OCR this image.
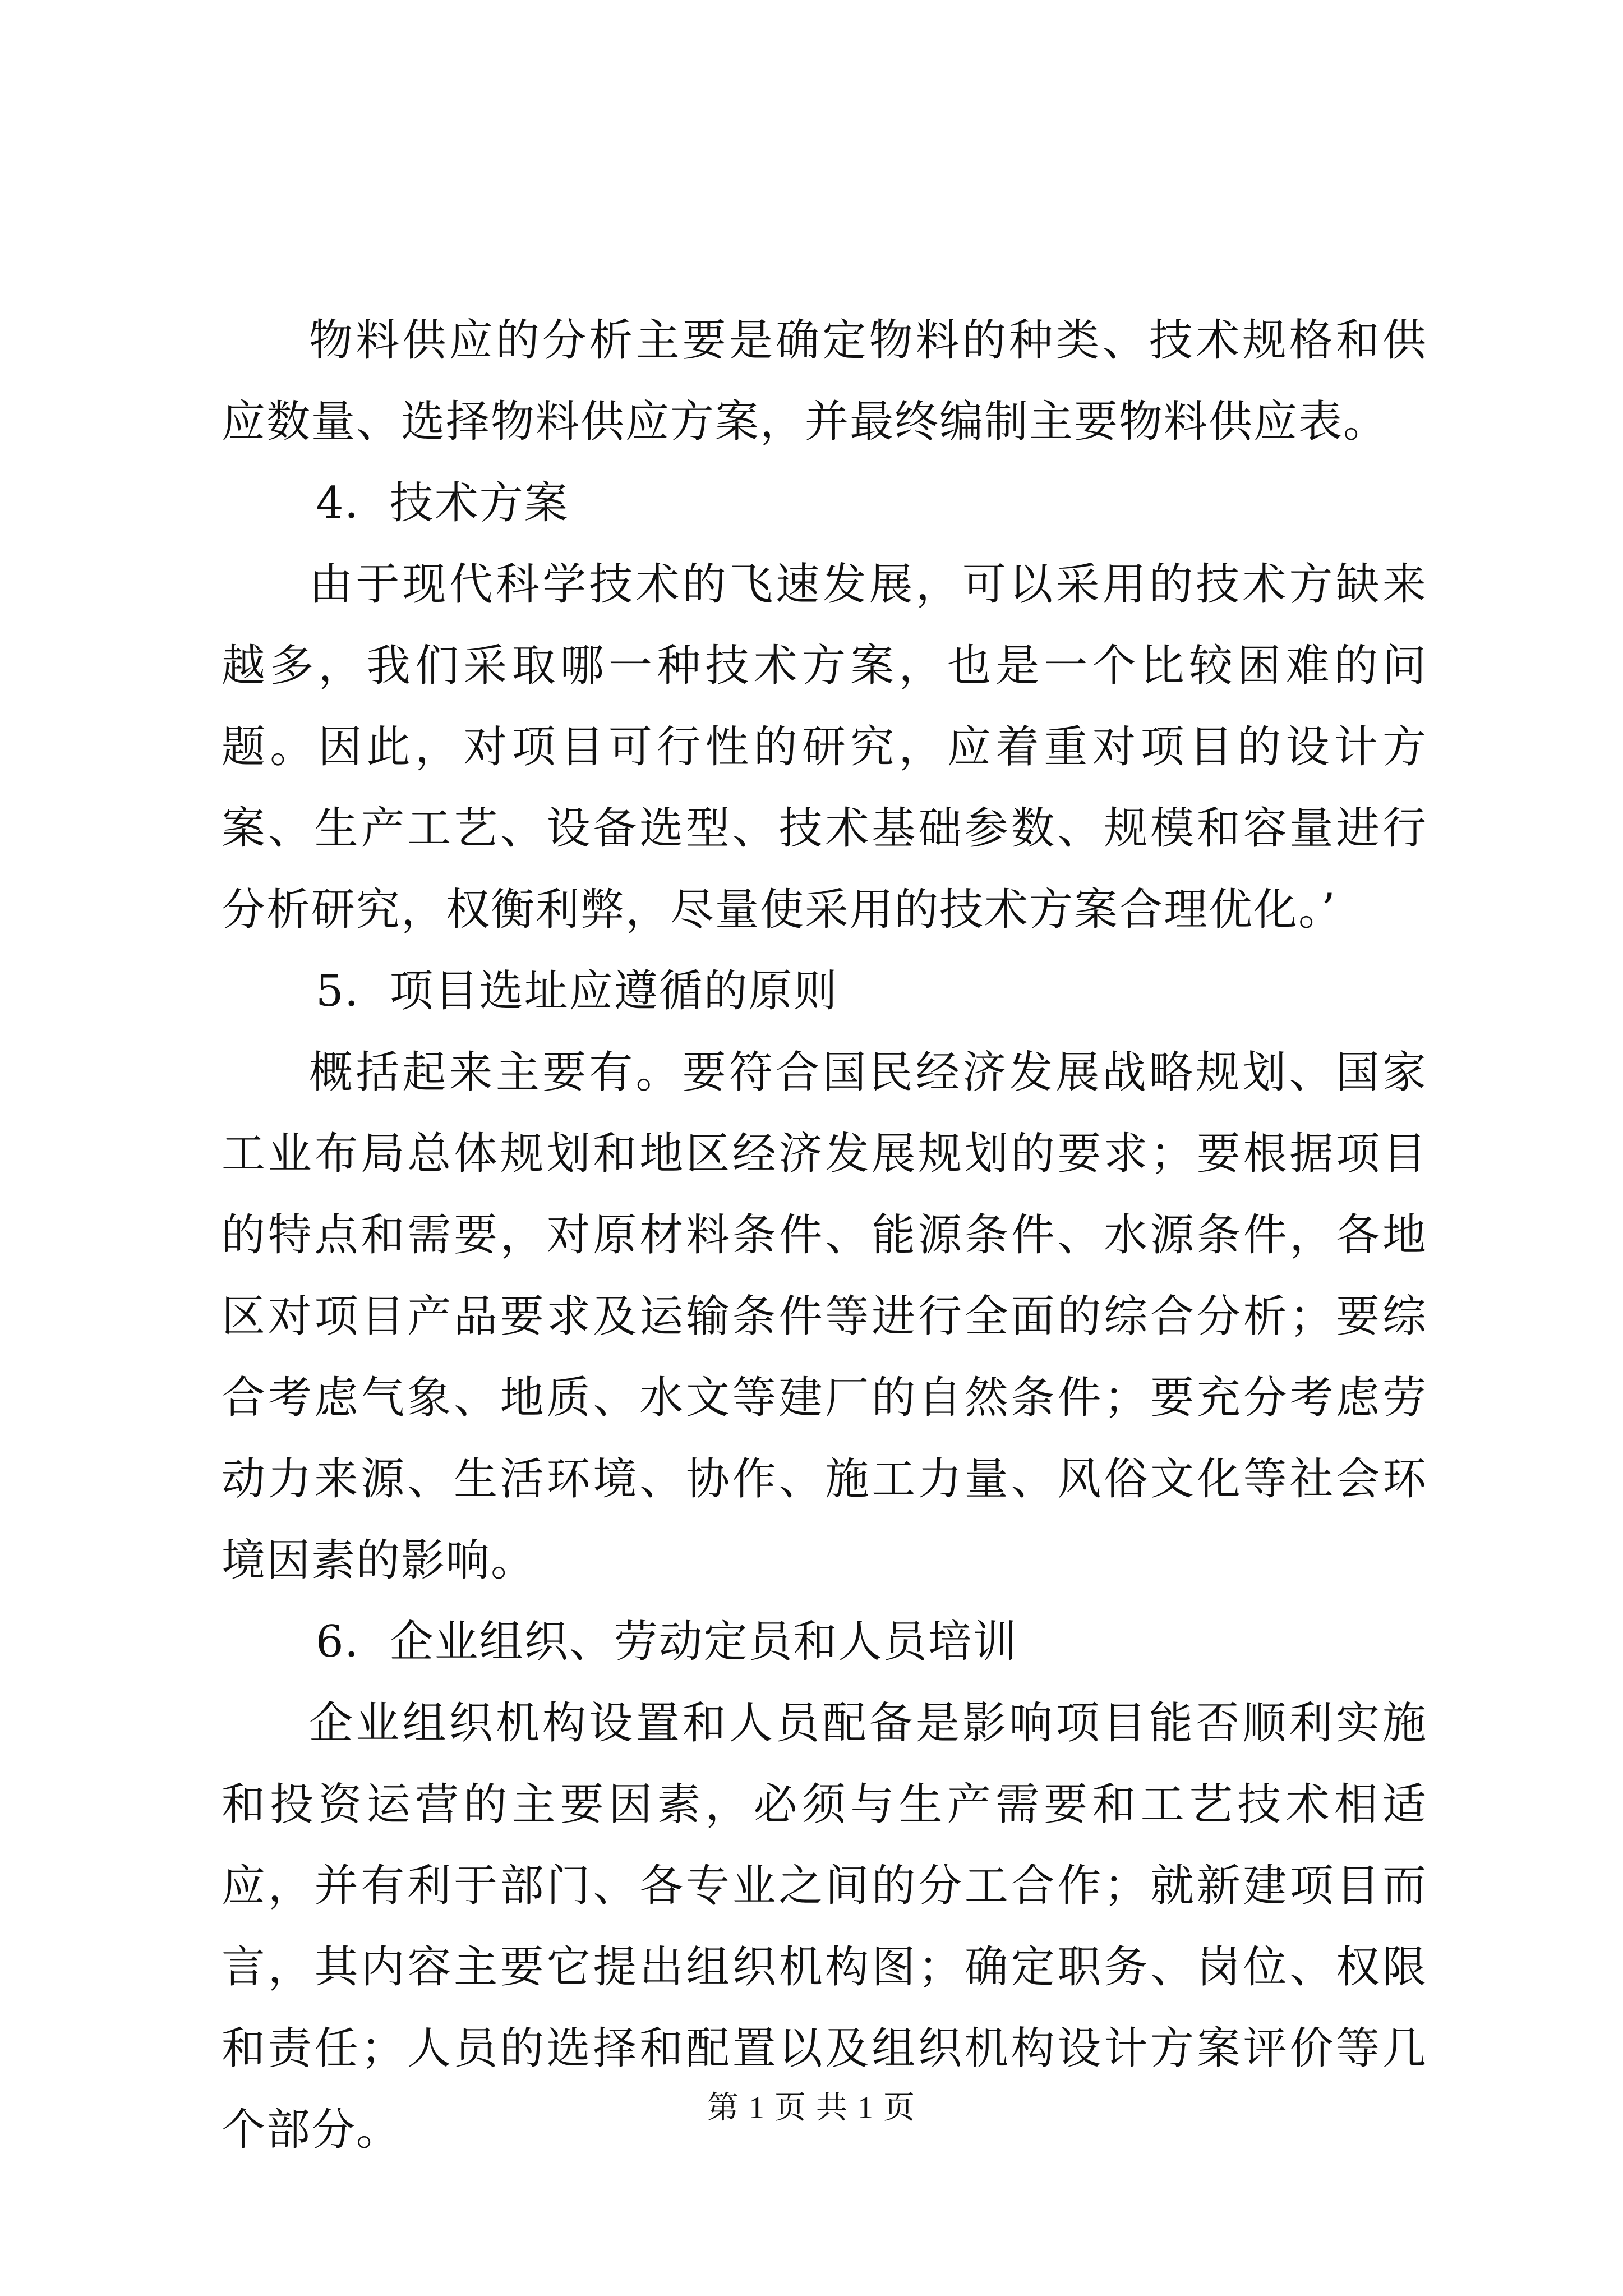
物料供应的分析主要是确定物料的种类、技术规格和供应数量、选择物料供应方案，并最终编制主要物料供应表。

4．技术方案

由于现代科学技术的飞速发展，可以采用的技术方缺来越多，我们采取哪一种技术方案，也是一个比较困难的问题。因此，对项目可行性的研究，应着重对项目的设计方案、生产工艺、设备选型、技术基础参数、规模和容量进行分析研究，权衡利弊，尽量使采用的技术方案合理优化。’

5．项目选址应遵循的原则

概括起来主要有。要符合国民经济发展战略规划、国家工业布局总体规划和地区经济发展规划的要求；要根据项目的特点和需要，对原材料条件、能源条件、水源条件，各地区对项目产品要求及运输条件等进行全面的综合分析；要综合考虑气象、地质、水文等建厂的自然条件；要充分考虑劳动力来源、生活环境、协作、施工力量、风俗文化等社会环境因素的影响。

6．企业组织、劳动定员和人员培训

企业组织机构设置和人员配备是影响项目能否顺利实施和投资运营的主要因素，必须与生产需要和工艺技术相适应，并有利于部门、各专业之间的分工合作；就新建项目而言，其内容主要它提出组织机构图；确定职务、岗位、权限和责任；人员的选择和配置以及组织机构设计方案评价等几个部分。	第 1 页 共 1 页
